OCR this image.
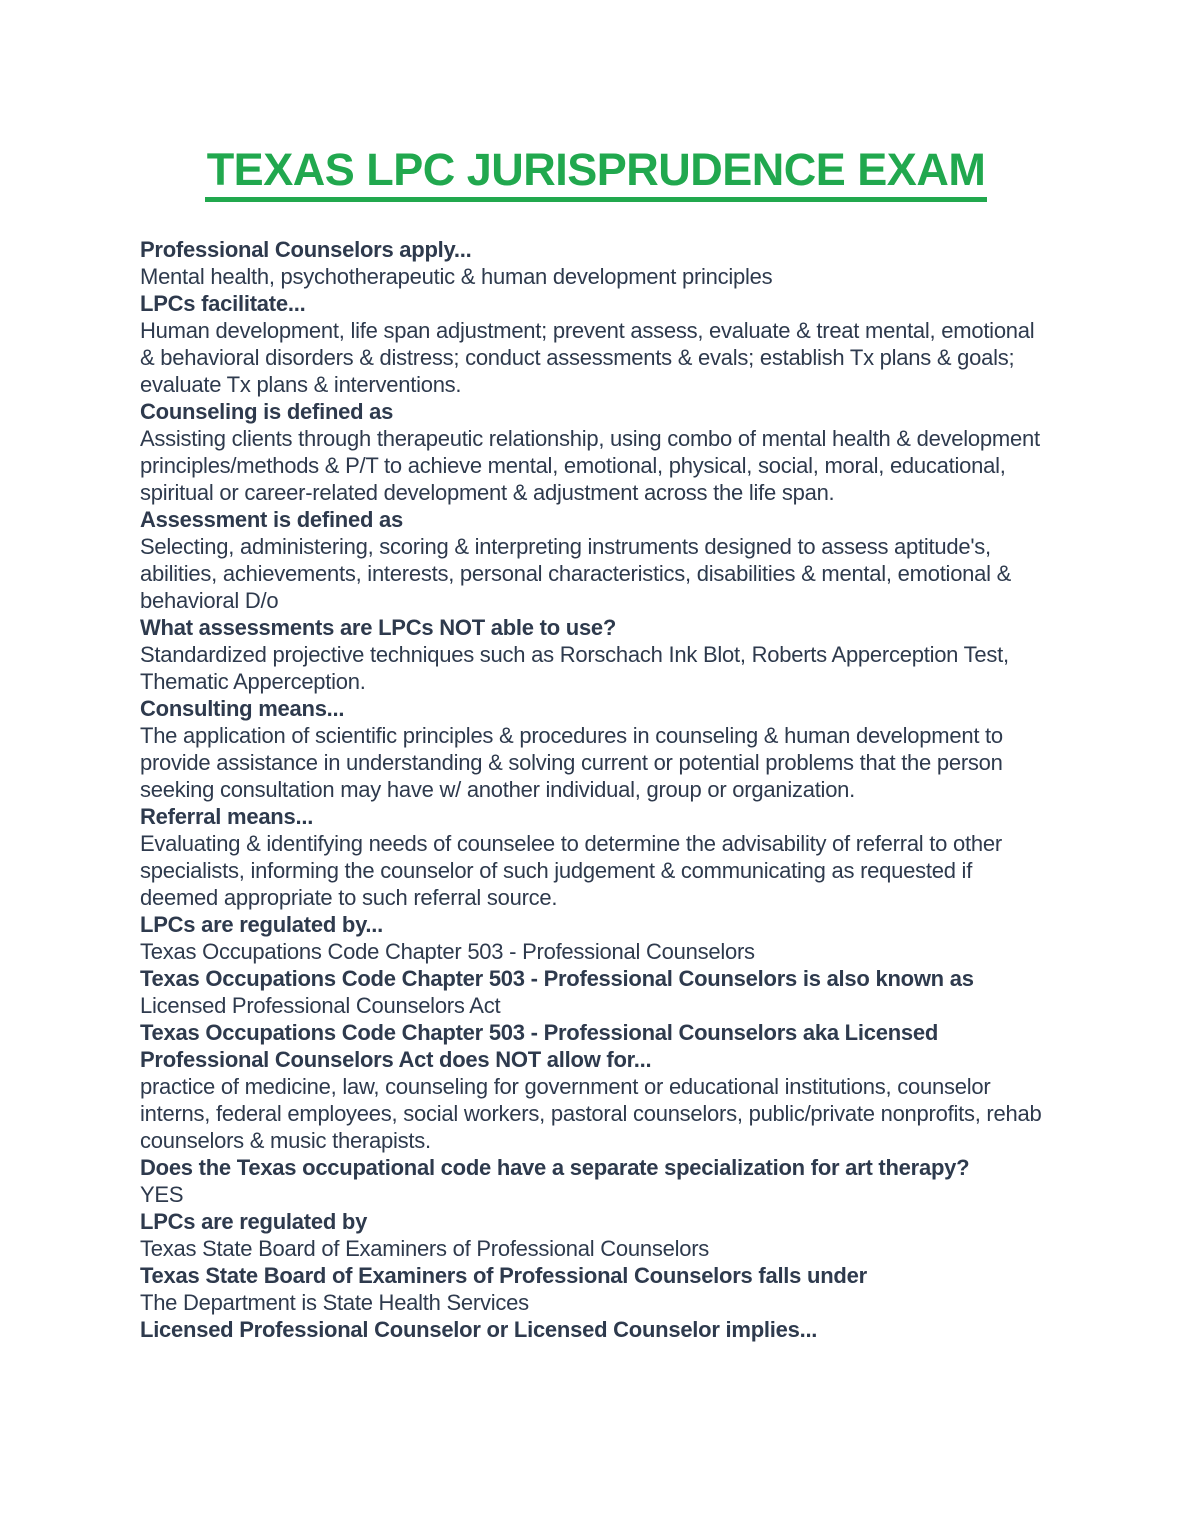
TEXAS LPC JURISPRUDENCE EXAM
Professional Counselors apply...
Mental health, psychotherapeutic & human development principles
LPCs facilitate...
Human development, life span adjustment; prevent assess, evaluate & treat mental, emotional & behavioral disorders & distress; conduct assessments & evals; establish Tx plans & goals; evaluate Tx plans & interventions.
Counseling is defined as
Assisting clients through therapeutic relationship, using combo of mental health & development principles/methods & P/T to achieve mental, emotional, physical, social, moral, educational, spiritual or career-related development & adjustment across the life span.
Assessment is defined as
Selecting, administering, scoring & interpreting instruments designed to assess aptitude's, abilities, achievements, interests, personal characteristics, disabilities & mental, emotional & behavioral D/o
What assessments are LPCs NOT able to use?
Standardized projective techniques such as Rorschach Ink Blot, Roberts Apperception Test, Thematic Apperception.
Consulting means...
The application of scientific principles & procedures in counseling & human development to provide assistance in understanding & solving current or potential problems that the person seeking consultation may have w/ another individual, group or organization.
Referral means...
Evaluating & identifying needs of counselee to determine the advisability of referral to other specialists, informing the counselor of such judgement & communicating as requested if deemed appropriate to such referral source.
LPCs are regulated by...
Texas Occupations Code Chapter 503 - Professional Counselors
Texas Occupations Code Chapter 503 - Professional Counselors is also known as
Licensed Professional Counselors Act
Texas Occupations Code Chapter 503 - Professional Counselors aka Licensed Professional Counselors Act does NOT allow for...
practice of medicine, law, counseling for government or educational institutions, counselor interns, federal employees, social workers, pastoral counselors, public/private nonprofits, rehab counselors & music therapists.
Does the Texas occupational code have a separate specialization for art therapy?
YES
LPCs are regulated by
Texas State Board of Examiners of Professional Counselors
Texas State Board of Examiners of Professional Counselors falls under
The Department is State Health Services
Licensed Professional Counselor or Licensed Counselor implies...
